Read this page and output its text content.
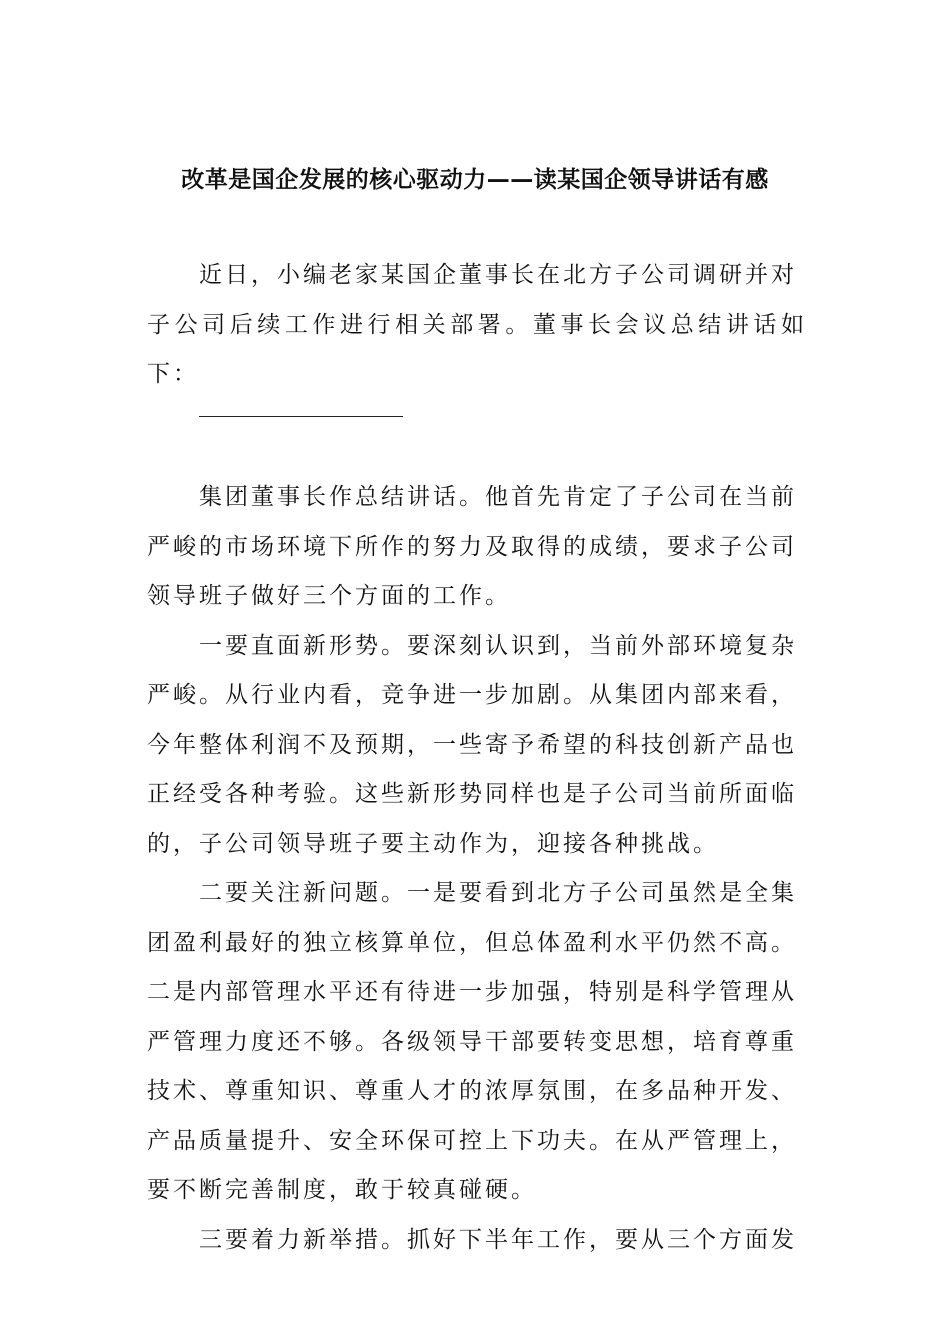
改革是国企发展的核心驱动力——读某国企领导讲话有感

近日，小编老家某国企董事长在北方子公司调研并对
子公司后续工作进行相关部署。董事长会议总结讲话如下：

集团董事长作总结讲话。他首先肯定了子公司在当前
严峻的市场环境下所作的努力及取得的成绩，要求子公司
领导班子做好三个方面的工作。

一要直面新形势。要深刻认识到，当前外部环境复杂
严峻。从行业内看，竞争进一步加剧。从集团内部来看，
今年整体利润不及预期，一些寄予希望的科技创新产品也
正经受各种考验。这些新形势同样也是子公司当前所面临
的，子公司领导班子要主动作为，迎接各种挑战。

二要关注新问题。一是要看到北方子公司虽然是全集
团盈利最好的独立核算单位，但总体盈利水平仍然不高。
二是内部管理水平还有待进一步加强，特别是科学管理从
严管理力度还不够。各级领导干部要转变思想，培育尊重
技术、尊重知识、尊重人才的浓厚氛围，在多品种开发、
产品质量提升、安全环保可控上下功夫。在从严管理上，
要不断完善制度，敢于较真碰硬。

三要着力新举措。抓好下半年工作，要从三个方面发
